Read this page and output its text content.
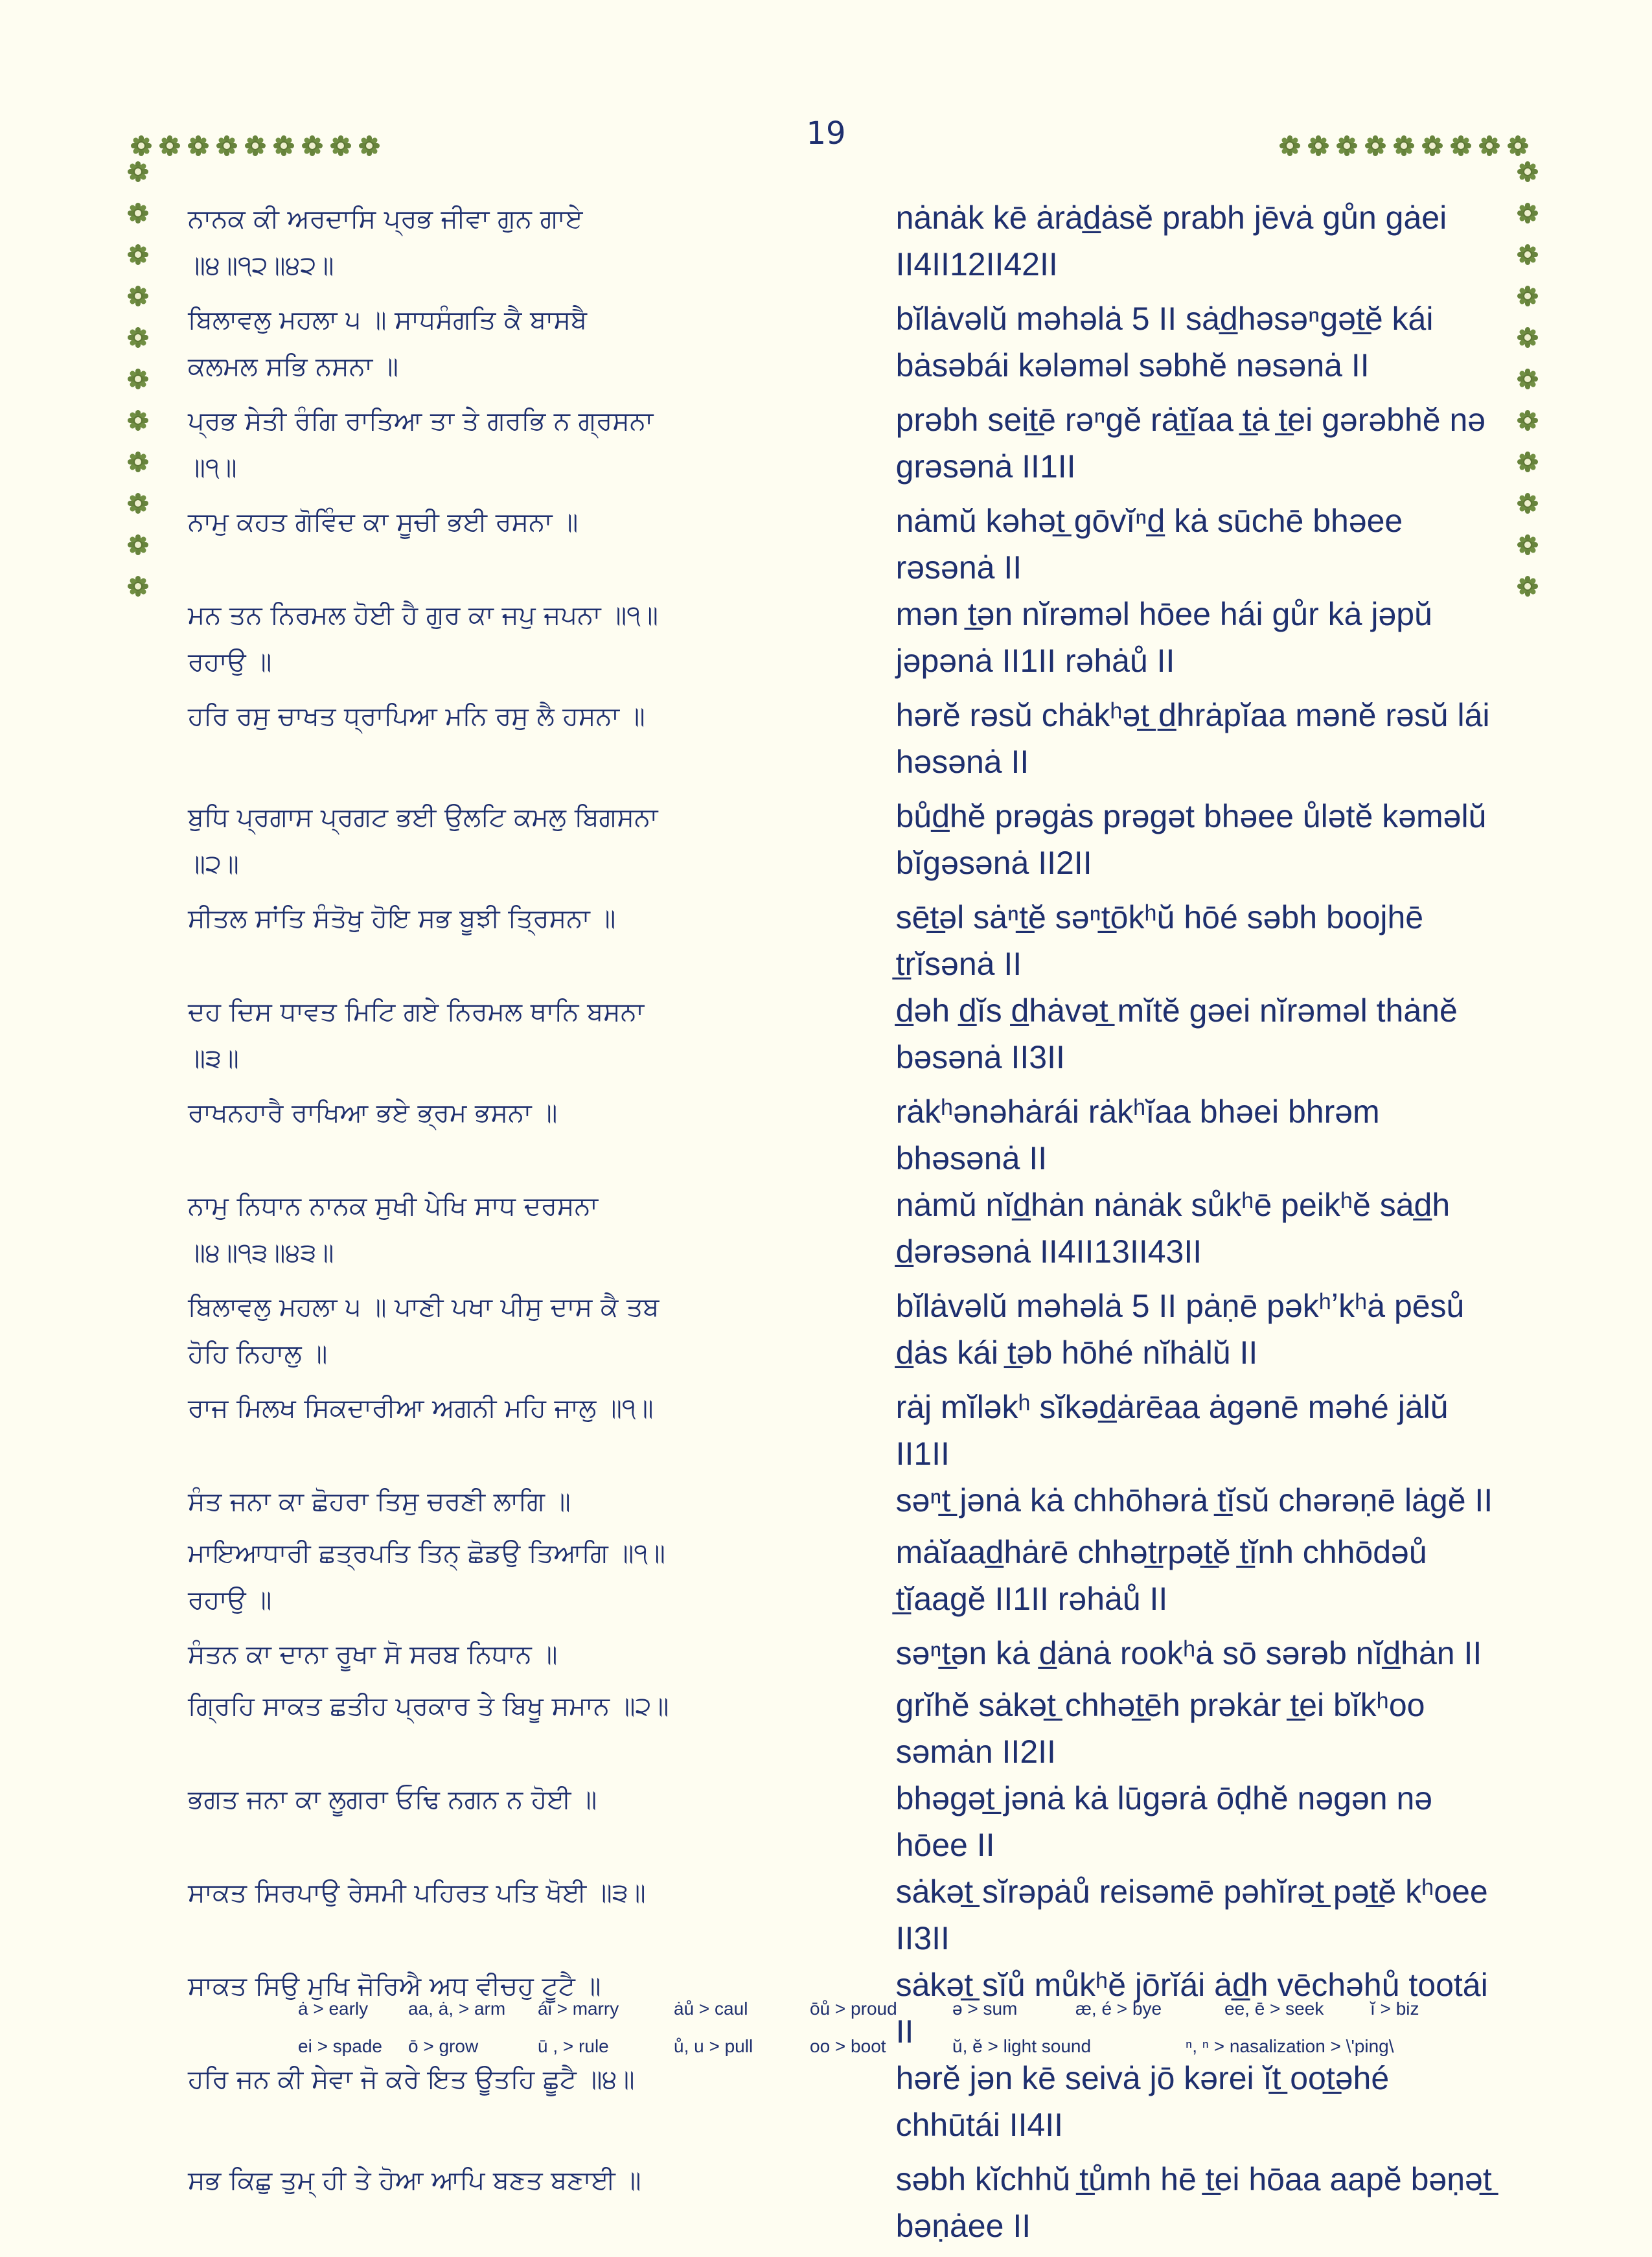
19
ਨਾਨਕ ਕੀ ਅਰਦਾਸਿ ਪ੍ਰਭ ਜੀਵਾ ਗੁਨ ਗਾਏ
॥੪॥੧੨॥੪੨॥
nȧnȧk kē ȧrȧd̲ȧsĕ prabh jēvȧ gůn gȧei II4II12II42II
ਬਿਲਾਵਲੁ ਮਹਲਾ ੫ ॥ ਸਾਧਸੰਗਤਿ ਕੈ ਬਾਸਬੈ
ਕਲਮਲ ਸਭਿ ਨਸਨਾ ॥
bĭlȧvəlŭ məhəlȧ 5 II sȧd̲həsəⁿgət̲ĕ kái bȧsəbái kələməl səbhĕ nəsənȧ II
ਪ੍ਰਭ ਸੇਤੀ ਰੰਗਿ ਰਾਤਿਆ ਤਾ ਤੇ ਗਰਭਿ ਨ ਗ੍ਰਸਨਾ
॥੧॥
prəbh seit̲ē rəⁿgĕ rȧt̲ĭaa t̲ȧ t̲ei gərəbhĕ nə grəsənȧ II1II
ਨਾਮੁ ਕਹਤ ਗੋਵਿੰਦ ਕਾ ਸੂਚੀ ਭਈ ਰਸਨਾ ॥	nȧmŭ kəhət̲ gōvĭⁿd̲ kȧ sūchē bhəee rəsənȧ II
ਮਨ ਤਨ ਨਿਰਮਲ ਹੋਈ ਹੈ ਗੁਰ ਕਾ ਜਪੁ ਜਪਨਾ ॥੧॥
ਰਹਾਉ ॥
mən t̲ən nĭrəməl hōee hái gůr kȧ jəpŭ jəpənȧ II1II rəhȧů II
ਹਰਿ ਰਸੁ ਚਾਖਤ ਧ੍ਰਾਪਿਆ ਮਨਿ ਰਸੁ ਲੈ ਹਸਨਾ ॥	hərĕ rəsŭ chȧkʰət̲ d̲hrȧpĭaa mənĕ rəsŭ lái həsənȧ II
ਬੁਧਿ ਪ੍ਰਗਾਸ ਪ੍ਰਗਟ ਭਈ ਉਲਟਿ ਕਮਲੁ ਬਿਗਸਨਾ
॥੨॥
bůd̲hĕ prəgȧs prəgət bhəee ůlətĕ kəməlŭ bĭgəsənȧ II2II
ਸੀਤਲ ਸਾਂਤਿ ਸੰਤੋਖੁ ਹੋਇ ਸਭ ਬੂਝੀ ਤ੍ਰਿਸਨਾ ॥	sēt̲əl sȧⁿt̲ĕ səⁿt̲ōkʰŭ hōé səbh boojhē t̲rĭsənȧ II
ਦਹ ਦਿਸ ਧਾਵਤ ਮਿਟਿ ਗਏ ਨਿਰਮਲ ਥਾਨਿ ਬਸਨਾ
॥੩॥
d̲əh d̲ĭs d̲hȧvət̲ mĭtĕ gəei nĭrəməl thȧnĕ bəsənȧ II3II
ਰਾਖਨਹਾਰੈ ਰਾਖਿਆ ਭਏ ਭ੍ਰਮ ਭਸਨਾ ॥	rȧkʰənəhȧrái rȧkʰĭaa bhəei bhrəm bhəsənȧ II
ਨਾਮੁ ਨਿਧਾਨ ਨਾਨਕ ਸੁਖੀ ਪੇਖਿ ਸਾਧ ਦਰਸਨਾ
॥੪॥੧੩॥੪੩॥
nȧmŭ nĭd̲hȧn nȧnȧk sůkʰē peikʰĕ sȧd̲h d̲ərəsənȧ II4II13II43II
ਬਿਲਾਵਲੁ ਮਹਲਾ ੫ ॥ ਪਾਣੀ ਪਖਾ ਪੀਸੁ ਦਾਸ ਕੈ ਤਬ
ਹੋਹਿ ਨਿਹਾਲੁ ॥
bĭlȧvəlŭ məhəlȧ 5 II pȧṇē pəkʰʼkʰȧ pēsů d̲ȧs kái t̲əb hōhé nĭhȧlŭ II
ਰਾਜ ਮਿਲਖ ਸਿਕਦਾਰੀਆ ਅਗਨੀ ਮਹਿ ਜਾਲੁ ॥੧॥	rȧj mĭləkʰ sĭkəd̲ȧrēaa ȧgənē məhé jȧlŭ II1II
ਸੰਤ ਜਨਾ ਕਾ ਛੋਹਰਾ ਤਿਸੁ ਚਰਣੀ ਲਾਗਿ ॥	səⁿt̲ jənȧ kȧ chhōhərȧ t̲ĭsŭ chərəṇē lȧgĕ II
ਮਾਇਆਧਾਰੀ ਛਤ੍ਰਪਤਿ ਤਿਨ੍ ਛੋਡਉ ਤਿਆਗਿ ॥੧॥
ਰਹਾਉ ॥
mȧĭaad̲hȧrē chhət̲rpət̲ĕ t̲ĭnh chhōdəů t̲ĭaagĕ II1II rəhȧů II
ਸੰਤਨ ਕਾ ਦਾਨਾ ਰੂਖਾ ਸੋ ਸਰਬ ਨਿਧਾਨ ॥	səⁿt̲ən kȧ d̲ȧnȧ rookʰȧ sō sərəb nĭd̲hȧn II
ਗ੍ਰਿਹਿ ਸਾਕਤ ਛਤੀਹ ਪ੍ਰਕਾਰ ਤੇ ਬਿਖੂ ਸਮਾਨ ॥੨॥	grĭhĕ sȧkət̲ chhət̲ēh prəkȧr t̲ei bĭkʰoo səmȧn II2II
ਭਗਤ ਜਨਾ ਕਾ ਲੂਗਰਾ ਓਢਿ ਨਗਨ ਨ ਹੋਈ ॥	bhəgət̲ jənȧ kȧ lūgərȧ ōḍhĕ nəgən nə hōee II
ਸਾਕਤ ਸਿਰਪਾਉ ਰੇਸਮੀ ਪਹਿਰਤ ਪਤਿ ਖੋਈ ॥੩॥	sȧkət̲ sĭrəpȧů reisəmē pəhĭrət̲ pət̲ĕ kʰoee II3II
ਸਾਕਤ ਸਿਉ ਮੁਖਿ ਜੋਰਿਐ ਅਧ ਵੀਚਹੁ ਟੂਟੈ ॥	sȧkət̲ sĭů můkʰĕ jōrĭái ȧd̲h vēchəhů tootái II
ਹਰਿ ਜਨ ਕੀ ਸੇਵਾ ਜੋ ਕਰੇ ਇਤ ਊਤਹਿ ਛੂਟੈ ॥੪॥	hərĕ jən kē seivȧ jō kərei ĭt̲ oot̲əhé chhūtái II4II
ਸਭ ਕਿਛੁ ਤੁਮ੍ ਹੀ ਤੇ ਹੋਆ ਆਪਿ ਬਣਤ ਬਣਾਈ ॥	səbh kĭchhŭ t̲ůmh hē t̲ei hōaa aapĕ bəṇət̲ bəṇȧee II
ȧ > early aa, ȧ, > arm ái > marry	ȧů > caul	ōů > proud	ə > sum	æ, é > bye	ee, ē > seek	ĭ > biz
ei > spade ō > grow	ū , > rule	ů, u > pull	oo > boot	ŭ, ĕ > light sound	ⁿ, ⁿ > nasalization > \'ping\
